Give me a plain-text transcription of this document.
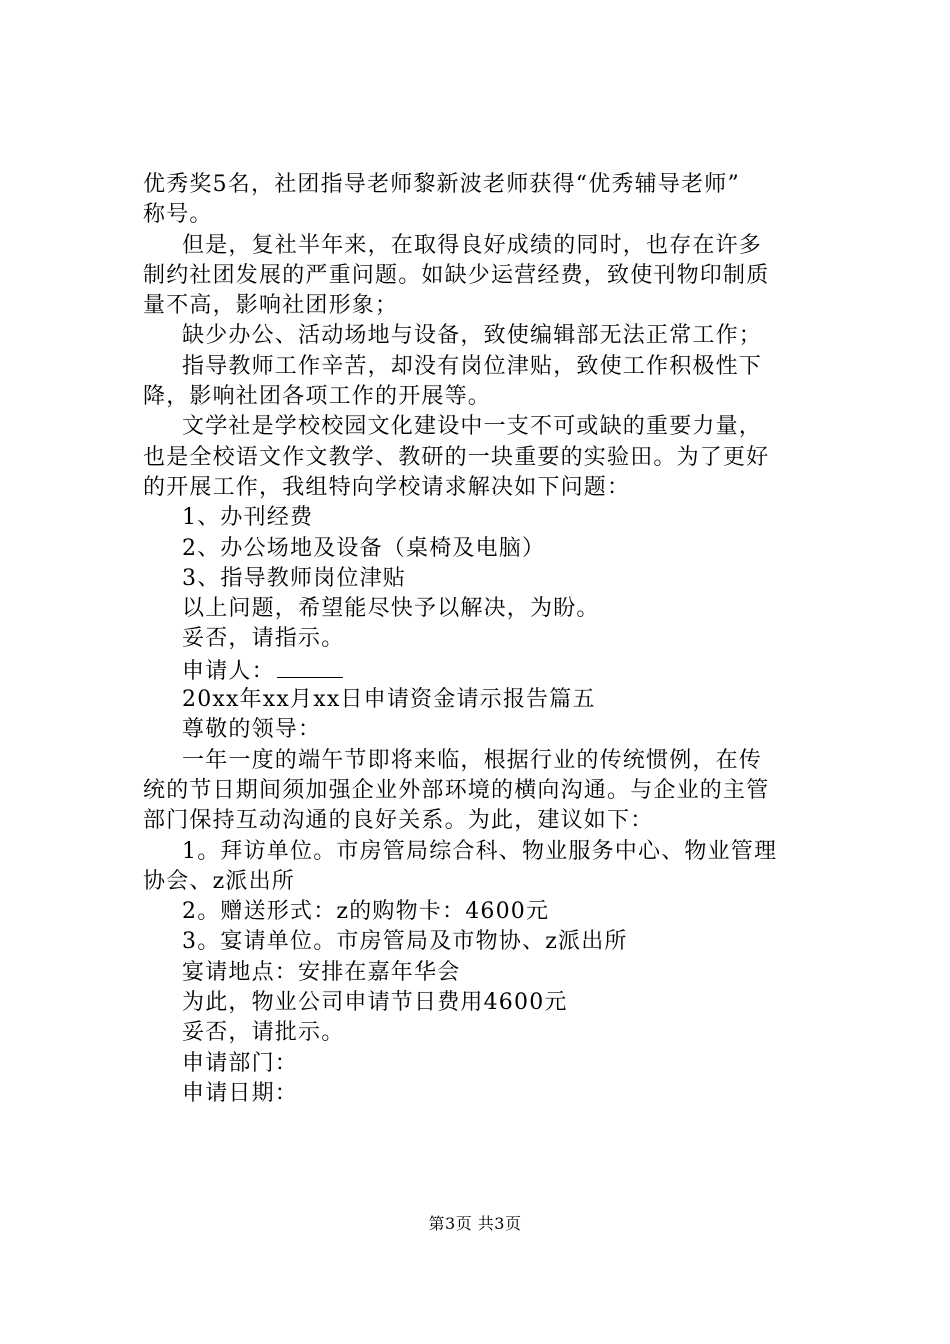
优秀奖5名，社团指导老师黎新波老师获得“优秀辅导老师”
称号。
但是，复社半年来，在取得良好成绩的同时，也存在许多
制约社团发展的严重问题。如缺少运营经费，致使刊物印制质
量不高，影响社团形象；
缺少办公、活动场地与设备，致使编辑部无法正常工作；
指导教师工作辛苦，却没有岗位津贴，致使工作积极性下
降，影响社团各项工作的开展等。
文学社是学校校园文化建设中一支不可或缺的重要力量，
也是全校语文作文教学、教研的一块重要的实验田。为了更好
的开展工作，我组特向学校请求解决如下问题：
1、办刊经费
2、办公场地及设备（桌椅及电脑）
3、指导教师岗位津贴
以上问题，希望能尽快予以解决，为盼。
妥否，请指示。
申请人：
20xx年xx月xx日申请资金请示报告篇五
尊敬的领导：
一年一度的端午节即将来临，根据行业的传统惯例，在传
统的节日期间须加强企业外部环境的横向沟通。与企业的主管
部门保持互动沟通的良好关系。为此，建议如下：
1。拜访单位。市房管局综合科、物业服务中心、物业管理
协会、z派出所
2。赠送形式：z的购物卡：4600元
3。宴请单位。市房管局及市物协、z派出所
宴请地点：安排在嘉年华会
为此，物业公司申请节日费用4600元
妥否，请批示。
申请部门：
申请日期：
第3页 共3页
